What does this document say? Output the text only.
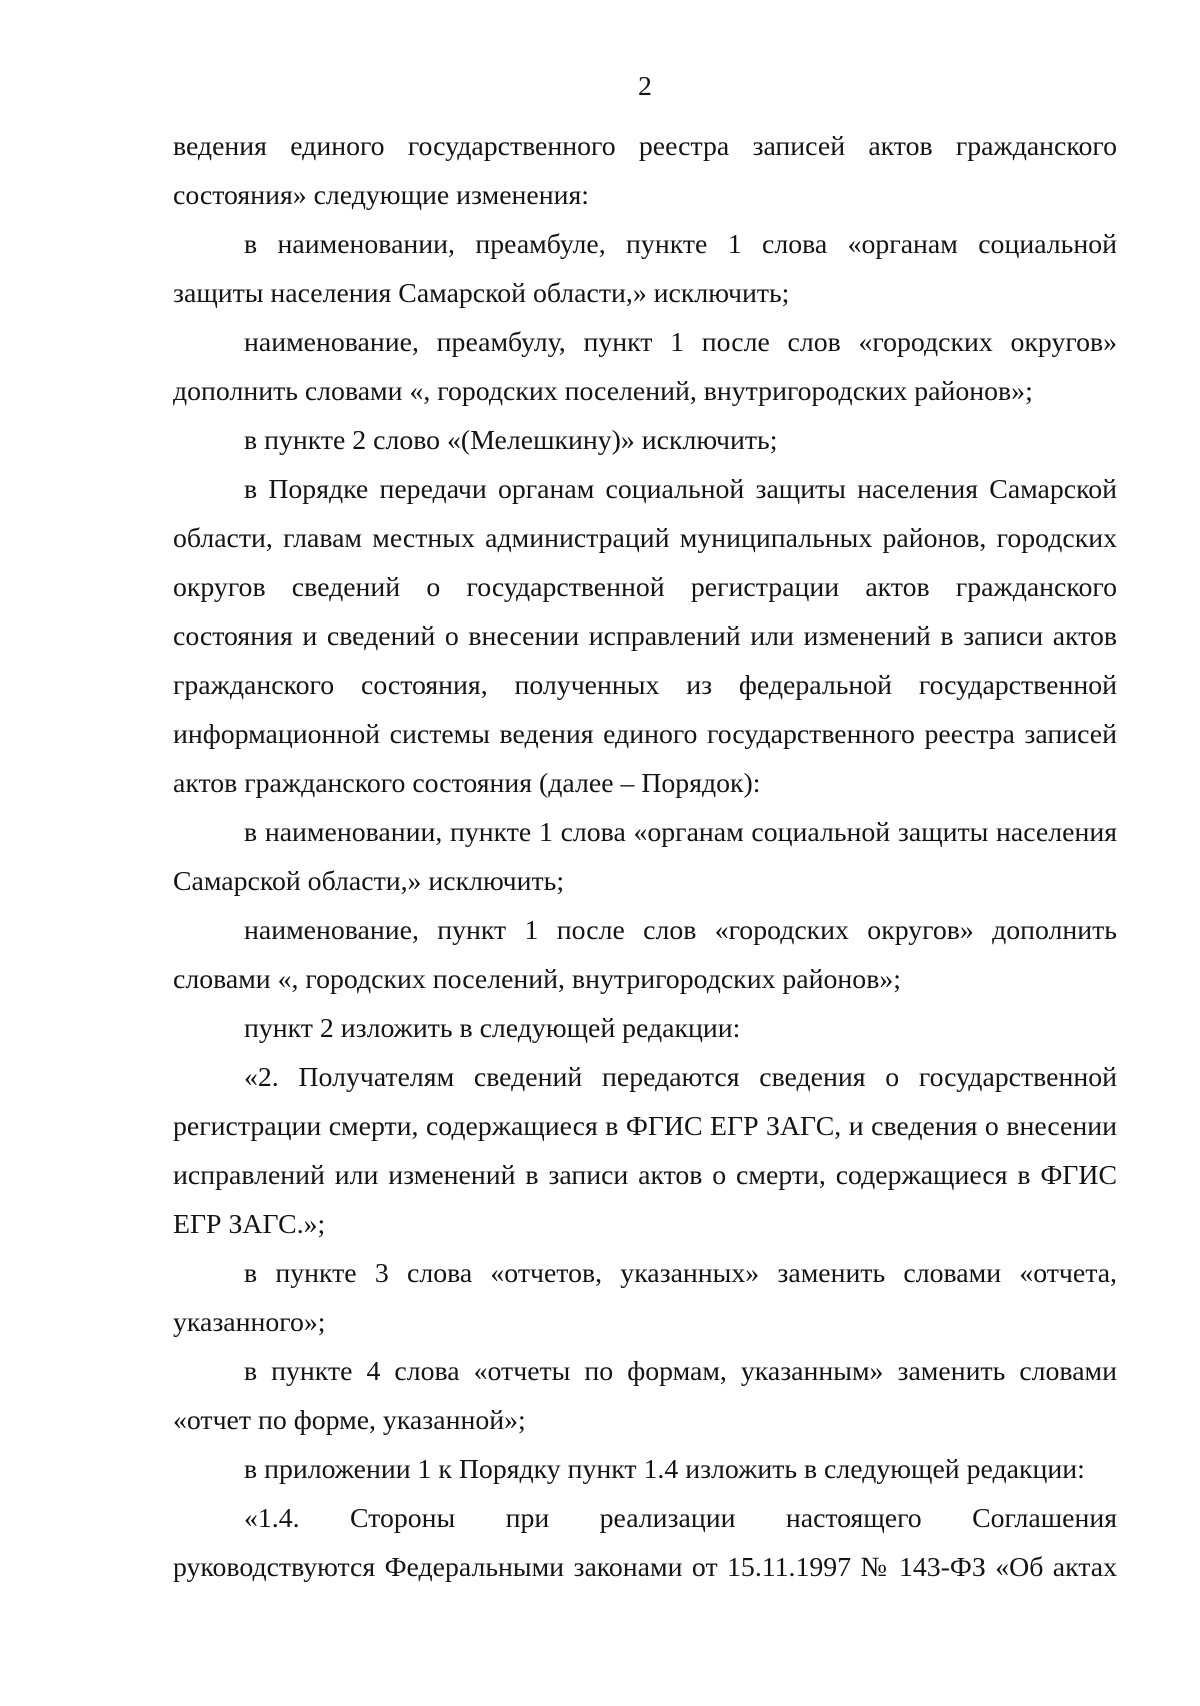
2
ведения единого государственного реестра записей актов гражданского
состояния» следующие изменения:
в наименовании, преамбуле, пункте 1 слова «органам социальной
защиты населения Самарской области,» исключить;
наименование, преамбулу, пункт 1 после слов «городских округов»
дополнить словами «, городских поселений, внутригородских районов»;
в пункте 2 слово «(Мелешкину)» исключить;
в Порядке передачи органам социальной защиты населения Самарской
области, главам местных администраций муниципальных районов, городских
округов сведений о государственной регистрации актов гражданского
состояния и сведений о внесении исправлений или изменений в записи актов
гражданского состояния, полученных из федеральной государственной
информационной системы ведения единого государственного реестра записей
актов гражданского состояния (далее – Порядок):
в наименовании, пункте 1 слова «органам социальной защиты населения
Самарской области,» исключить;
наименование, пункт 1 после слов «городских округов» дополнить
словами «, городских поселений, внутригородских районов»;
пункт 2 изложить в следующей редакции:
«2. Получателям сведений передаются сведения о государственной
регистрации смерти, содержащиеся в ФГИС ЕГР ЗАГС, и сведения о внесении
исправлений или изменений в записи актов о смерти, содержащиеся в ФГИС
ЕГР ЗАГС.»;
в пункте 3 слова «отчетов, указанных» заменить словами «отчета,
указанного»;
в пункте 4 слова «отчеты по формам, указанным» заменить словами
«отчет по форме, указанной»;
в приложении 1 к Порядку пункт 1.4 изложить в следующей редакции:
«1.4. Стороны при реализации настоящего Соглашения
руководствуются Федеральными законами от 15.11.1997 № 143-ФЗ «Об актах
